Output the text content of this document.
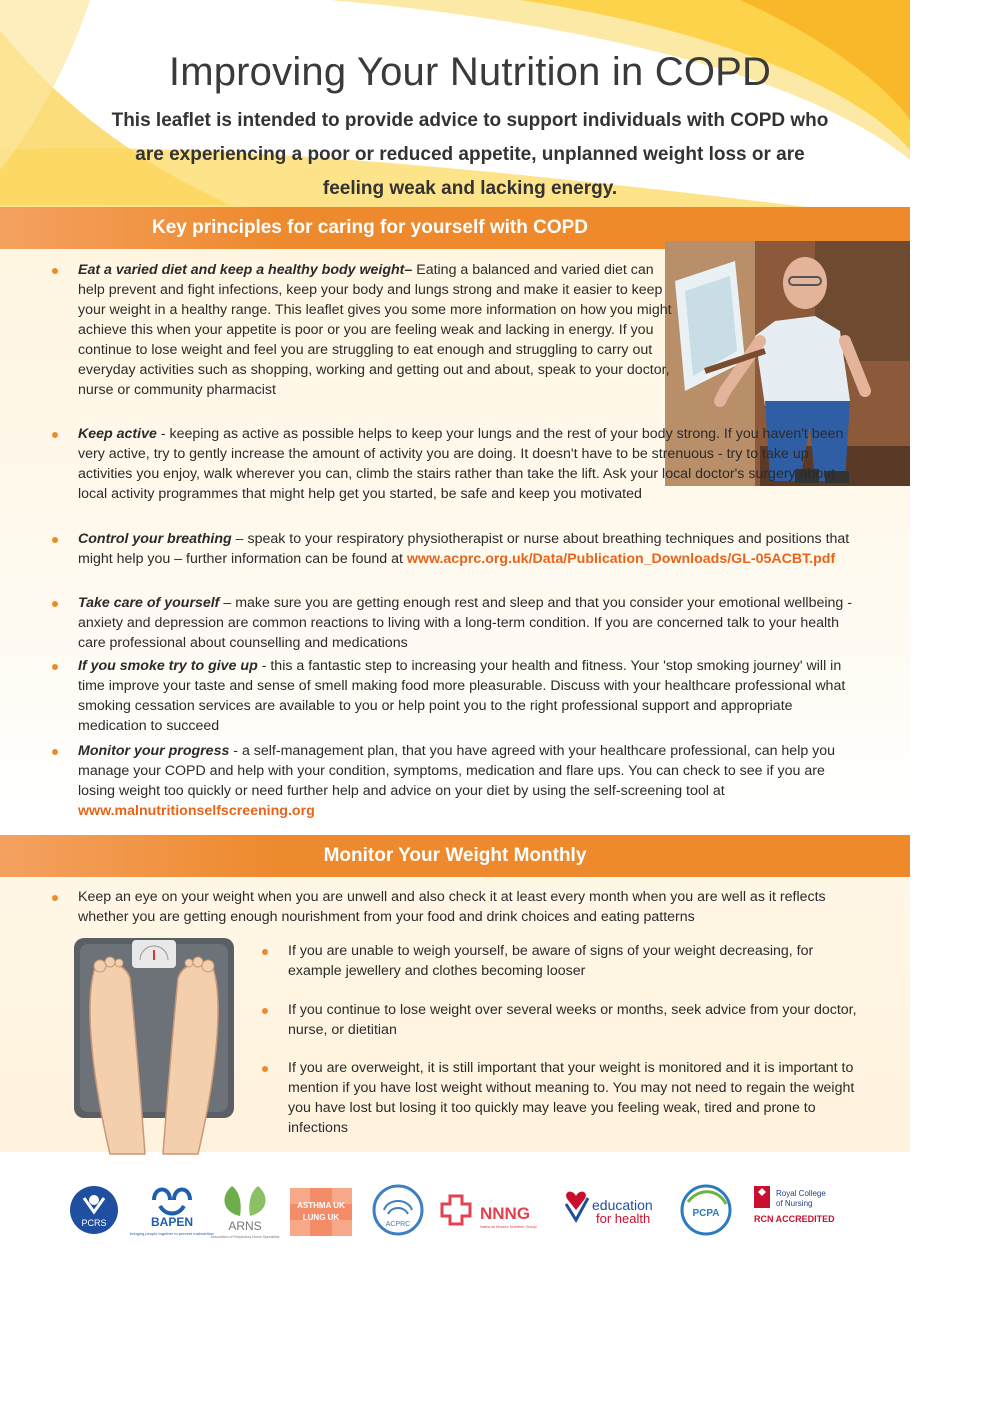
Improving Your Nutrition in COPD

This leaflet is intended to provide advice to support individuals with COPD who are experiencing a poor or reduced appetite, unplanned weight loss or are feeling weak and lacking energy.

Key principles for caring for yourself with COPD

Eat a varied diet and keep a healthy body weight– Eating a balanced and varied diet can help prevent and fight infections, keep your body and lungs strong and make it easier to keep your weight in a healthy range. This leaflet gives you some more information on how you might achieve this when your appetite is poor or you are feeling weak and lacking in energy. If you continue to lose weight and feel you are struggling to eat enough and struggling to carry out everyday activities such as shopping, working and getting out and about, speak to your doctor, nurse or community pharmacist

Keep active - keeping as active as possible helps to keep your lungs and the rest of your body strong. If you haven't been very active, try to gently increase the amount of activity you are doing. It doesn't have to be strenuous - try to take up activities you enjoy, walk wherever you can, climb the stairs rather than take the lift. Ask your local doctor's surgery about local activity programmes that might help get you started, be safe and keep you motivated

Control your breathing – speak to your respiratory physiotherapist or nurse about breathing techniques and positions that might help you – further information can be found at www.acprc.org.uk/Data/Publication_Downloads/GL-05ACBT.pdf

Take care of yourself – make sure you are getting enough rest and sleep and that you consider your emotional wellbeing - anxiety and depression are common reactions to living with a long-term condition. If you are concerned talk to your health care professional about counselling and medications

If you smoke try to give up - this a fantastic step to increasing your health and fitness. Your 'stop smoking journey' will in time improve your taste and sense of smell making food more pleasurable. Discuss with your healthcare professional what smoking cessation services are available to you or help point you to the right professional support and appropriate medication to succeed

Monitor your progress - a self-management plan, that you have agreed with your healthcare professional, can help you manage your COPD and help with your condition, symptoms, medication and flare ups. You can check to see if you are losing weight too quickly or need further help and advice on your diet by using the self-screening tool at www.malnutritionselfscreening.org

Monitor Your Weight Monthly

Keep an eye on your weight when you are unwell and also check it at least every month when you are well as it reflects whether you are getting enough nourishment from your food and drink choices and eating patterns

If you are unable to weigh yourself, be aware of signs of your weight decreasing, for example jewellery and clothes becoming looser

If you continue to lose weight over several weeks or months, seek advice from your doctor, nurse, or dietitian

If you are overweight, it is still important that your weight is monitored and it is important to mention if you have lost weight without meaning to. You may not need to regain the weight you have lost but losing it too quickly may leave you feeling weak, tired and prone to infections

PCRS	BAPEN
bringing people together to prevent malnutrition
ARNS
Association of Respiratory Nurse Specialists
ASTHMA UK
LUNG UK
ACPRC
NNNG
National Nurses Nutrition Group
education
for health	PCPA
Royal College
of Nursing
RCN ACCREDITED
